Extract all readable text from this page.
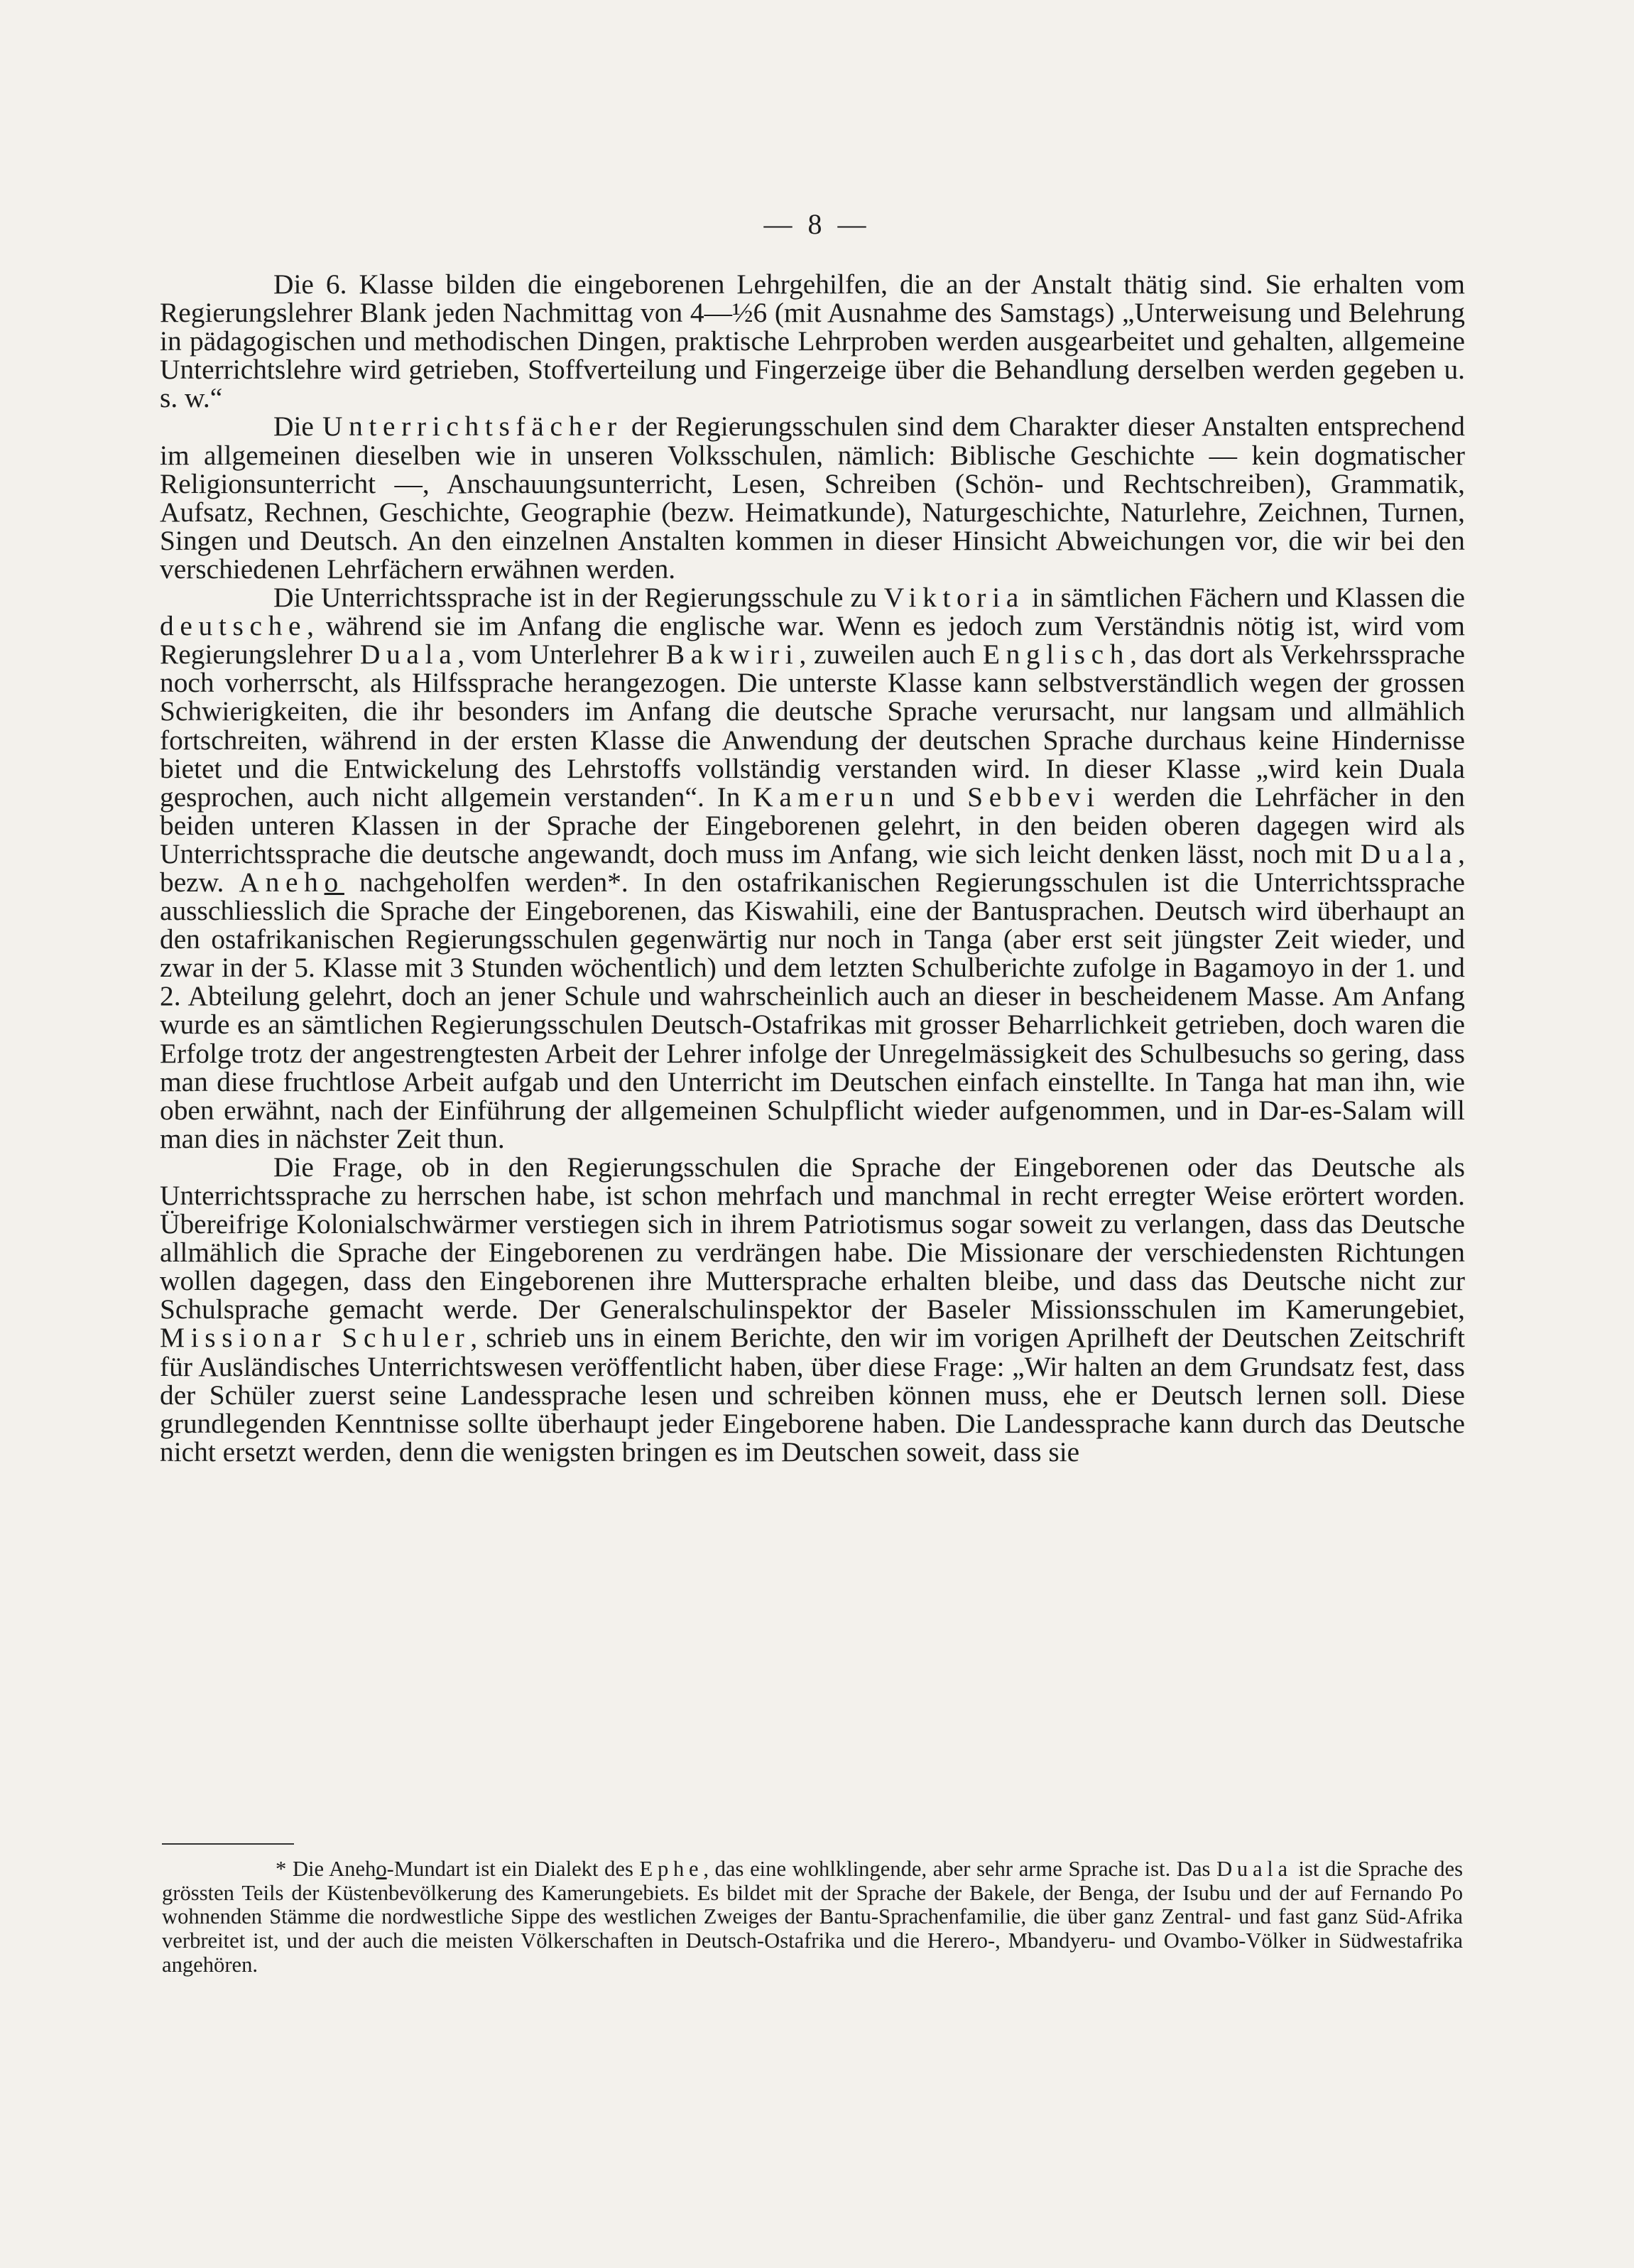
— 8 —

Die 6. Klasse bilden die eingeborenen Lehrgehilfen, die an der Anstalt thätig sind. Sie erhalten vom Regierungslehrer Blank jeden Nachmittag von 4—½6 (mit Ausnahme des Samstags) „Unterweisung und Belehrung in pädagogischen und methodischen Dingen, praktische Lehrproben werden ausgearbeitet und gehalten, allgemeine Unterrichtslehre wird getrieben, Stoffverteilung und Fingerzeige über die Behandlung derselben werden gegeben u. s. w.“

Die Unterrichtsfächer der Regierungsschulen sind dem Charakter dieser Anstalten entsprechend im allgemeinen dieselben wie in unseren Volksschulen, nämlich: Biblische Geschichte — kein dogmatischer Religionsunterricht —, Anschauungsunterricht, Lesen, Schreiben (Schön- und Rechtschreiben), Grammatik, Aufsatz, Rechnen, Geschichte, Geographie (bezw. Heimatkunde), Naturgeschichte, Naturlehre, Zeichnen, Turnen, Singen und Deutsch. An den einzelnen Anstalten kommen in dieser Hinsicht Abweichungen vor, die wir bei den verschiedenen Lehrfächern erwähnen werden.

Die Unterrichtssprache ist in der Regierungsschule zu Viktoria in sämtlichen Fächern und Klassen die deutsche, während sie im Anfang die englische war. Wenn es jedoch zum Verständnis nötig ist, wird vom Regierungslehrer Duala, vom Unterlehrer Bakwiri, zuweilen auch Englisch, das dort als Verkehrssprache noch vorherrscht, als Hilfssprache herangezogen. Die unterste Klasse kann selbstverständlich wegen der grossen Schwierigkeiten, die ihr besonders im Anfang die deutsche Sprache verursacht, nur langsam und allmählich fortschreiten, während in der ersten Klasse die Anwendung der deutschen Sprache durchaus keine Hindernisse bietet und die Entwickelung des Lehrstoffs vollständig verstanden wird. In dieser Klasse „wird kein Duala gesprochen, auch nicht allgemein verstanden“. In Kamerun und Sebbevi werden die Lehrfächer in den beiden unteren Klassen in der Sprache der Eingeborenen gelehrt, in den beiden oberen dagegen wird als Unterrichtssprache die deutsche angewandt, doch muss im Anfang, wie sich leicht denken lässt, noch mit Duala, bezw. Aneho nachgeholfen werden*. In den ostafrikanischen Regierungsschulen ist die Unterrichtssprache ausschliesslich die Sprache der Eingeborenen, das Kiswahili, eine der Bantusprachen. Deutsch wird überhaupt an den ostafrikanischen Regierungsschulen gegenwärtig nur noch in Tanga (aber erst seit jüngster Zeit wieder, und zwar in der 5. Klasse mit 3 Stunden wöchentlich) und dem letzten Schulberichte zufolge in Bagamoyo in der 1. und 2. Abteilung gelehrt, doch an jener Schule und wahrscheinlich auch an dieser in bescheidenem Masse. Am Anfang wurde es an sämtlichen Regierungsschulen Deutsch-Ostafrikas mit grosser Beharrlichkeit getrieben, doch waren die Erfolge trotz der angestrengtesten Arbeit der Lehrer infolge der Unregelmässigkeit des Schulbesuchs so gering, dass man diese fruchtlose Arbeit aufgab und den Unterricht im Deutschen einfach einstellte. In Tanga hat man ihn, wie oben erwähnt, nach der Einführung der allgemeinen Schulpflicht wieder aufgenommen, und in Dar-es-Salam will man dies in nächster Zeit thun.

Die Frage, ob in den Regierungsschulen die Sprache der Eingeborenen oder das Deutsche als Unterrichtssprache zu herrschen habe, ist schon mehrfach und manchmal in recht erregter Weise erörtert worden. Übereifrige Kolonialschwärmer verstiegen sich in ihrem Patriotismus sogar soweit zu verlangen, dass das Deutsche allmählich die Sprache der Eingeborenen zu verdrängen habe. Die Missionare der verschiedensten Richtungen wollen dagegen, dass den Eingeborenen ihre Muttersprache erhalten bleibe, und dass das Deutsche nicht zur Schulsprache gemacht werde. Der Generalschulinspektor der Baseler Missionsschulen im Kamerungebiet, Missionar Schuler, schrieb uns in einem Berichte, den wir im vorigen Aprilheft der Deutschen Zeitschrift für Ausländisches Unterrichtswesen veröffentlicht haben, über diese Frage: „Wir halten an dem Grundsatz fest, dass der Schüler zuerst seine Landessprache lesen und schreiben können muss, ehe er Deutsch lernen soll. Diese grundlegenden Kenntnisse sollte überhaupt jeder Eingeborene haben. Die Landessprache kann durch das Deutsche nicht ersetzt werden, denn die wenigsten bringen es im Deutschen soweit, dass sie

* Die Aneho-Mundart ist ein Dialekt des Ephe, das eine wohlklingende, aber sehr arme Sprache ist. Das Duala ist die Sprache des grössten Teils der Küstenbevölkerung des Kamerungebiets. Es bildet mit der Sprache der Bakele, der Benga, der Isubu und der auf Fernando Po wohnenden Stämme die nordwestliche Sippe des westlichen Zweiges der Bantu-Sprachenfamilie, die über ganz Zentral- und fast ganz Süd-Afrika verbreitet ist, und der auch die meisten Völkerschaften in Deutsch-Ostafrika und die Herero-, Mbandyeru- und Ovambo-Völker in Südwestafrika angehören.
